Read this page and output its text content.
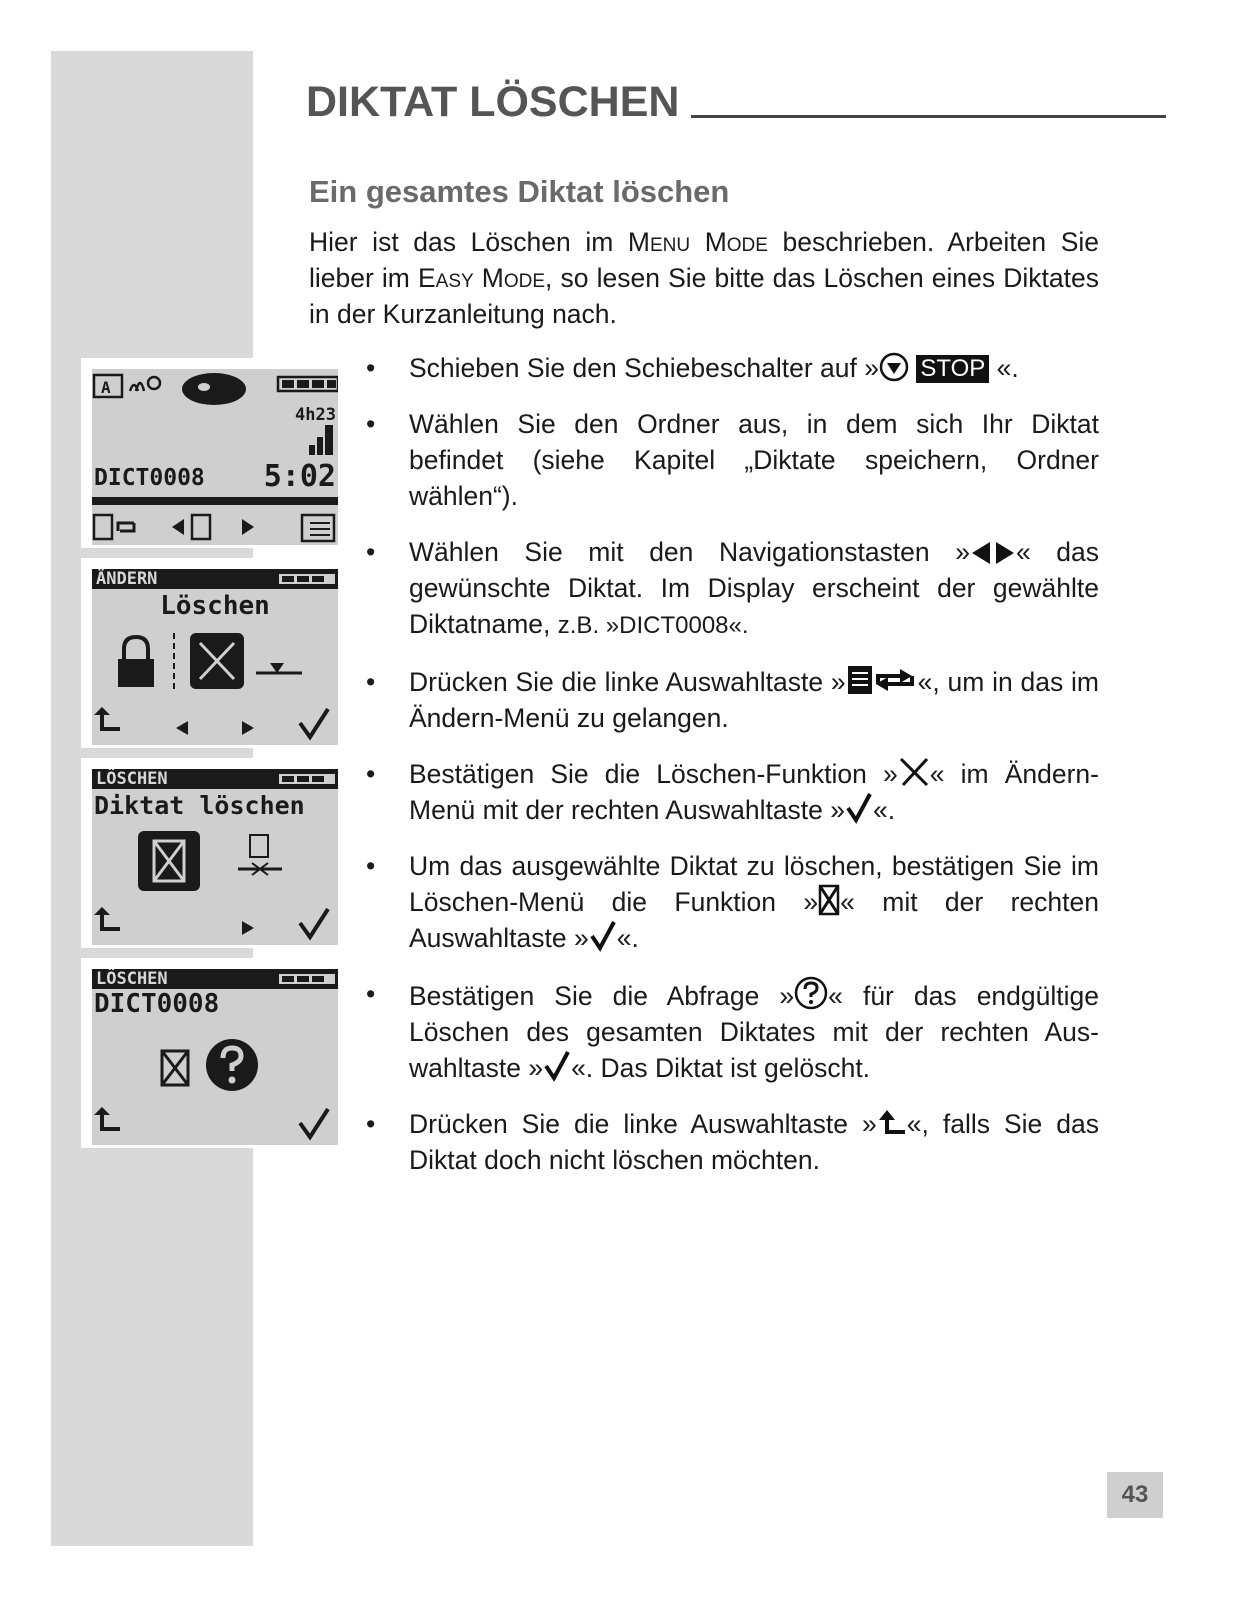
DIKTAT LÖSCHEN
Ein gesamtes Diktat löschen
Hier ist das Löschen im Menu Mode beschrieben. Arbeiten Sie lieber im Easy Mode, so lesen Sie bitte das Löschen eines Diktates in der Kurzanleitung nach.
• Schieben Sie den Schiebeschalter auf » STOP «.
• Wählen Sie den Ordner aus, in dem sich Ihr Diktat befindet (siehe Kapitel „Diktate speichern, Ordner wählen“).
• Wählen Sie mit den Navigationstasten » « das gewünschte Diktat. Im Display erscheint der gewählte Diktatname, z.B. »DICT0008«.
• Drücken Sie die linke Auswahltaste »	«, um in das im Ändern-Menü zu gelangen.
• Bestätigen Sie die Löschen-Funktion » « im Ändern-Menü mit der rechten Auswahltaste » «.
• Um das ausgewählte Diktat zu löschen, bestätigen Sie im Löschen-Menü die Funktion » « mit der rechten Auswahltaste » «.
• Bestätigen Sie die Abfrage » « für das endgültige Löschen des gesamten Diktates mit der rechten Aus-wahltaste » «. Das Diktat ist gelöscht.
• Drücken Sie die linke Auswahltaste » «, falls Sie das Diktat doch nicht löschen möchten.
A
4h23
DICT0008 5:02
ÄNDERN
Löschen
LÖSCHEN
Diktat löschen
LÖSCHEN
DICT0008
43
